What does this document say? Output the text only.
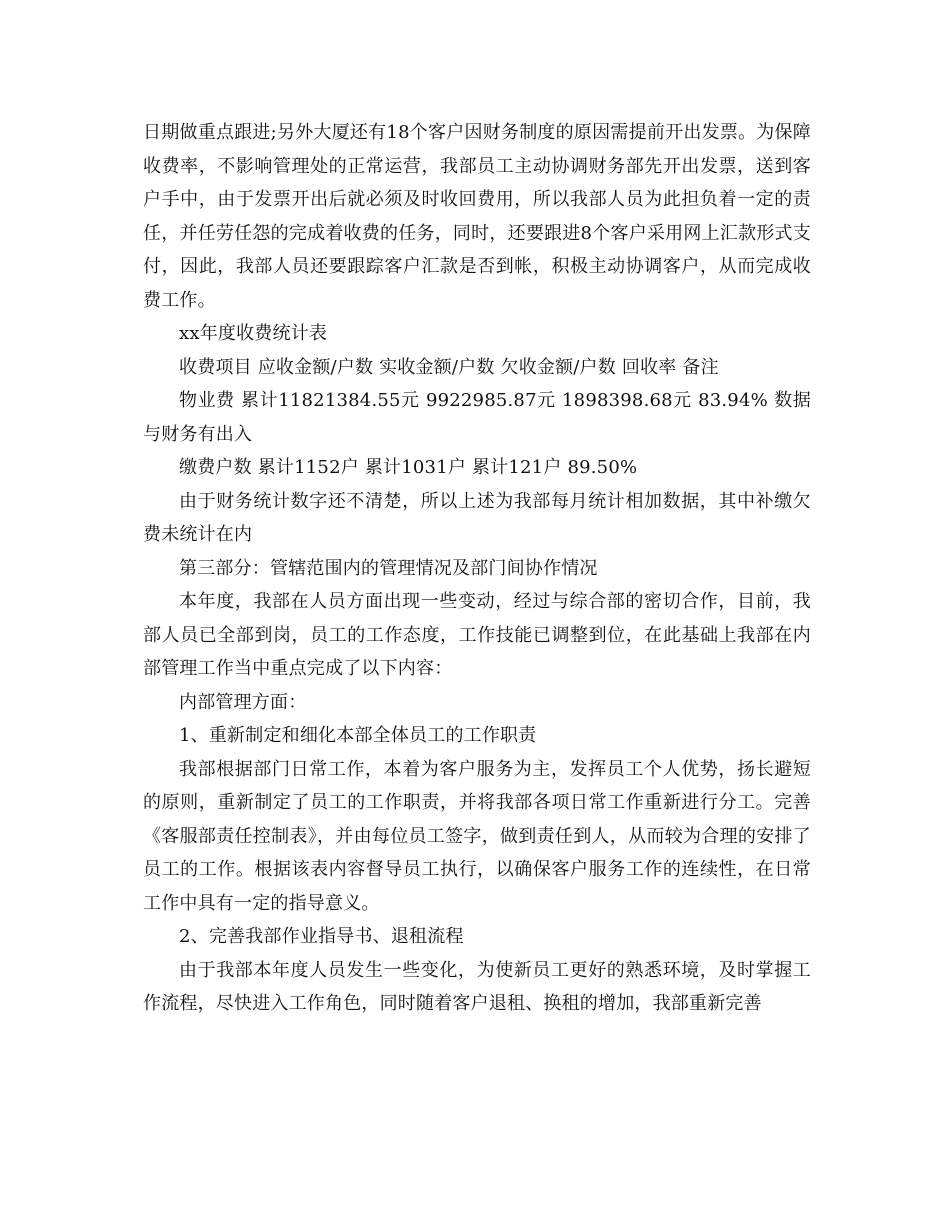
日期做重点跟进;另外大厦还有18个客户因财务制度的原因需提前开出发票。为保障收费率，不影响管理处的正常运营，我部员工主动协调财务部先开出发票，送到客户手中，由于发票开出后就必须及时收回费用，所以我部人员为此担负着一定的责任，并任劳任怨的完成着收费的任务，同时，还要跟进8个客户采用网上汇款形式支付，因此，我部人员还要跟踪客户汇款是否到帐，积极主动协调客户，从而完成收费工作。

xx年度收费统计表

收费项目 应收金额/户数 实收金额/户数 欠收金额/户数 回收率 备注

物业费 累计11821384.55元 9922985.87元 1898398.68元 83.94% 数据与财务有出入

缴费户数 累计1152户 累计1031户 累计121户 89.50%

由于财务统计数字还不清楚，所以上述为我部每月统计相加数据，其中补缴欠费未统计在内

第三部分：管辖范围内的管理情况及部门间协作情况

本年度，我部在人员方面出现一些变动，经过与综合部的密切合作，目前，我部人员已全部到岗，员工的工作态度，工作技能已调整到位，在此基础上我部在内部管理工作当中重点完成了以下内容：

内部管理方面：

1、重新制定和细化本部全体员工的工作职责

我部根据部门日常工作，本着为客户服务为主，发挥员工个人优势，扬长避短的原则，重新制定了员工的工作职责，并将我部各项日常工作重新进行分工。完善《客服部责任控制表》，并由每位员工签字，做到责任到人，从而较为合理的安排了员工的工作。根据该表内容督导员工执行，以确保客户服务工作的连续性，在日常工作中具有一定的指导意义。

2、完善我部作业指导书、退租流程

由于我部本年度人员发生一些变化，为使新员工更好的熟悉环境，及时掌握工作流程，尽快进入工作角色，同时随着客户退租、换租的增加，我部重新完善
